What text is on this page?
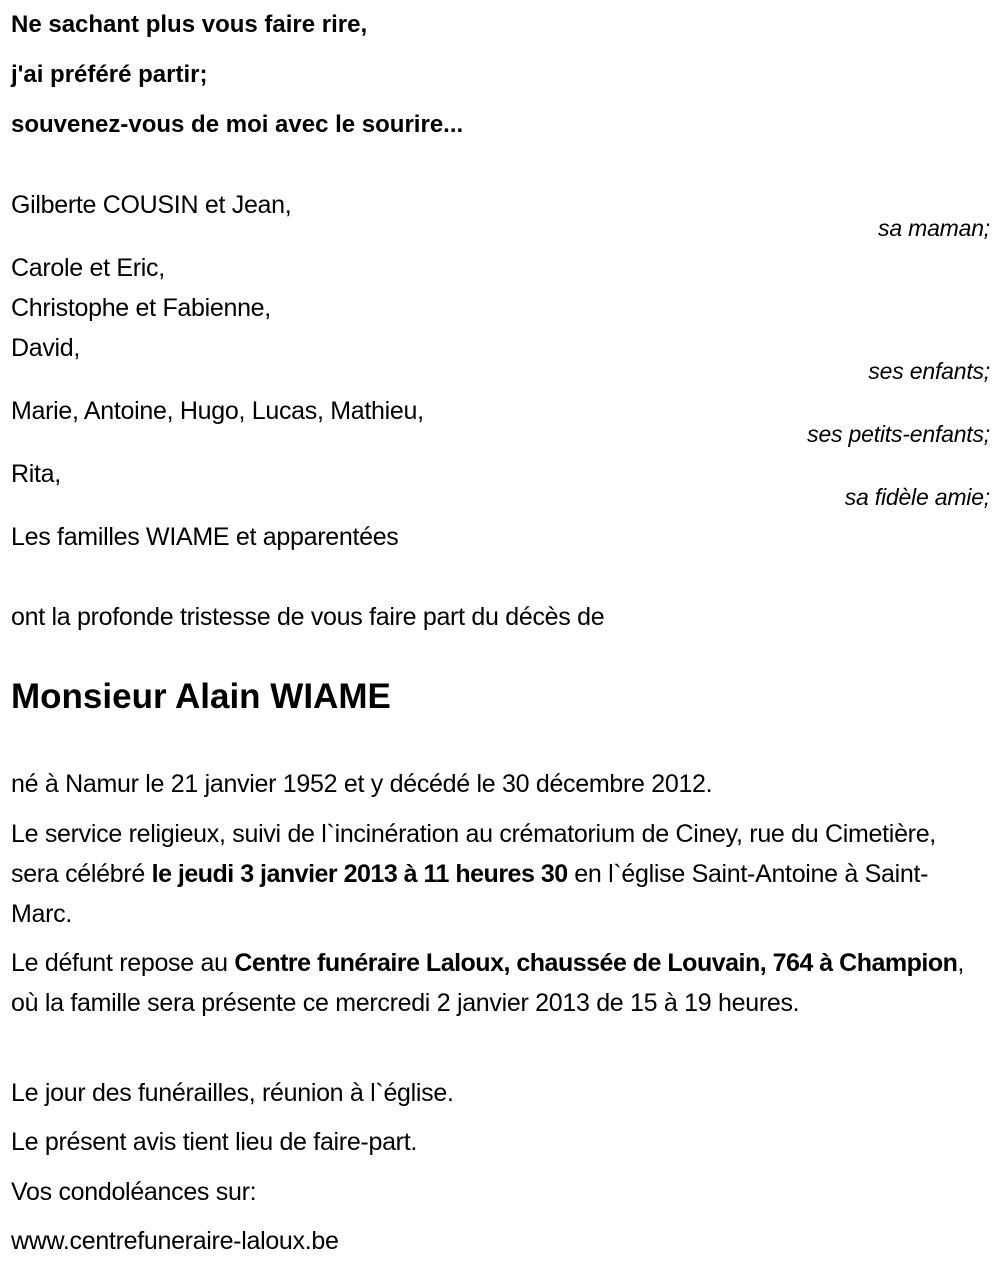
Ne sachant plus vous faire rire,
j'ai préféré partir;
souvenez-vous de moi avec le sourire...
Gilberte COUSIN et Jean,
sa maman;
Carole et Eric,
Christophe et Fabienne,
David,
ses enfants;
Marie, Antoine, Hugo, Lucas, Mathieu,
ses petits-enfants;
Rita,
sa fidèle amie;
Les familles WIAME et apparentées
ont la profonde tristesse de vous faire part du décès de
Monsieur Alain WIAME
né à Namur le 21 janvier 1952 et y décédé le 30 décembre 2012.
Le service religieux, suivi de l`incinération au crématorium de Ciney, rue du Cimetière, sera célébré le jeudi 3 janvier 2013 à 11 heures 30 en l`église Saint-Antoine à Saint-Marc.
Le défunt repose au Centre funéraire Laloux, chaussée de Louvain, 764 à Champion, où la famille sera présente ce mercredi 2 janvier 2013 de 15 à 19 heures.
Le jour des funérailles, réunion à l`église.
Le présent avis tient lieu de faire-part.
Vos condoléances sur:
www.centrefuneraire-laloux.be
